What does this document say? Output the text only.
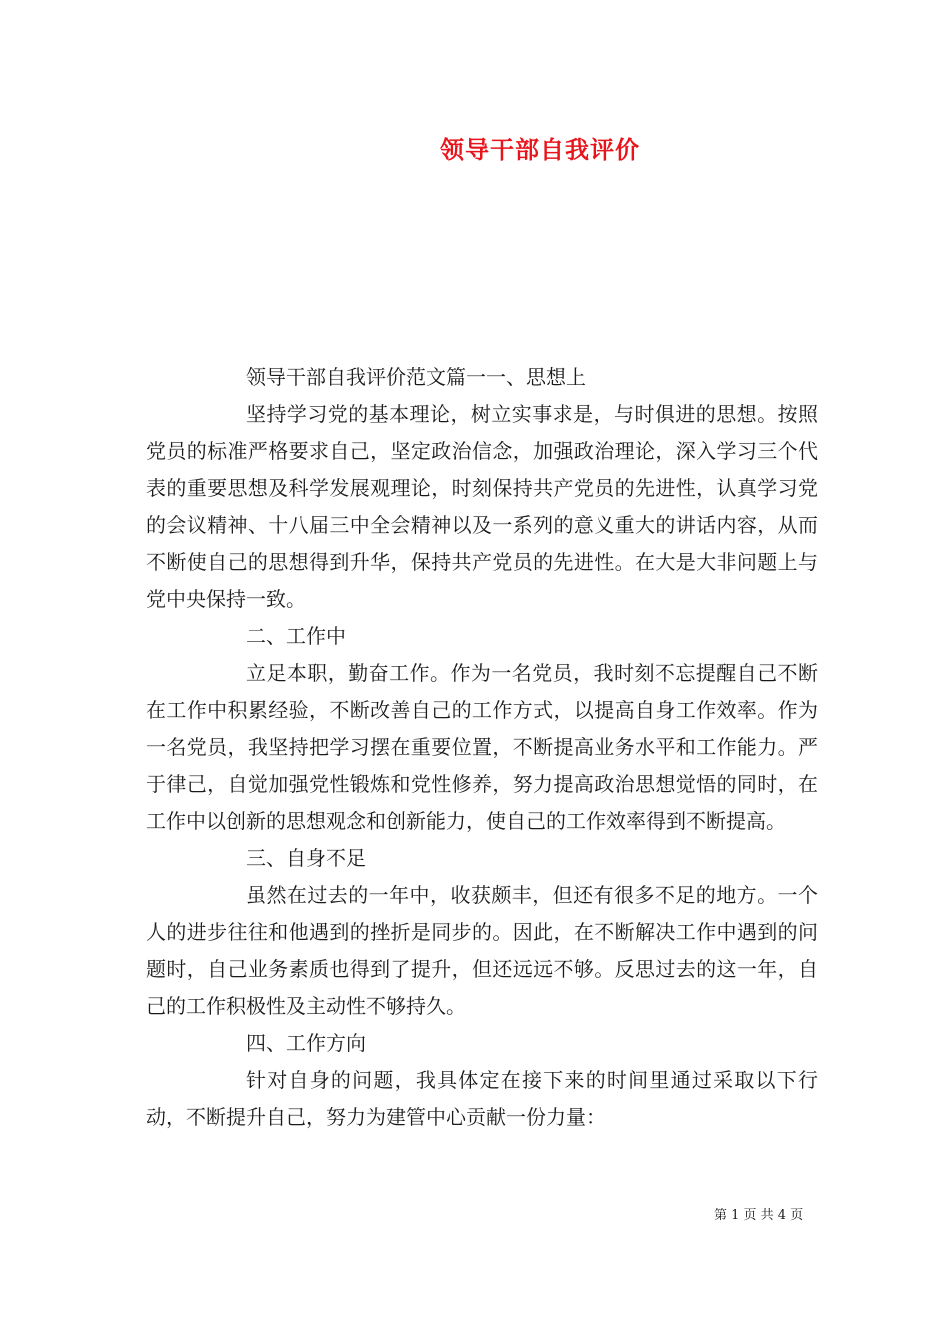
领导干部自我评价

领导干部自我评价范文篇一一、思想上

坚持学习党的基本理论，树立实事求是，与时俱进的思想。按照党员的标准严格要求自己，坚定政治信念，加强政治理论，深入学习三个代表的重要思想及科学发展观理论，时刻保持共产党员的先进性，认真学习党的会议精神、十八届三中全会精神以及一系列的意义重大的讲话内容，从而不断使自己的思想得到升华，保持共产党员的先进性。在大是大非问题上与党中央保持一致。

二、工作中

立足本职，勤奋工作。作为一名党员，我时刻不忘提醒自己不断在工作中积累经验，不断改善自己的工作方式，以提高自身工作效率。作为一名党员，我坚持把学习摆在重要位置，不断提高业务水平和工作能力。严于律己，自觉加强党性锻炼和党性修养，努力提高政治思想觉悟的同时，在工作中以创新的思想观念和创新能力，使自己的工作效率得到不断提高。

三、自身不足

虽然在过去的一年中，收获颇丰，但还有很多不足的地方。一个人的进步往往和他遇到的挫折是同步的。因此，在不断解决工作中遇到的问题时，自己业务素质也得到了提升，但还远远不够。反思过去的这一年，自己的工作积极性及主动性不够持久。

四、工作方向

针对自身的问题，我具体定在接下来的时间里通过采取以下行动，不断提升自己，努力为建管中心贡献一份力量：

第 1 页 共 4 页
